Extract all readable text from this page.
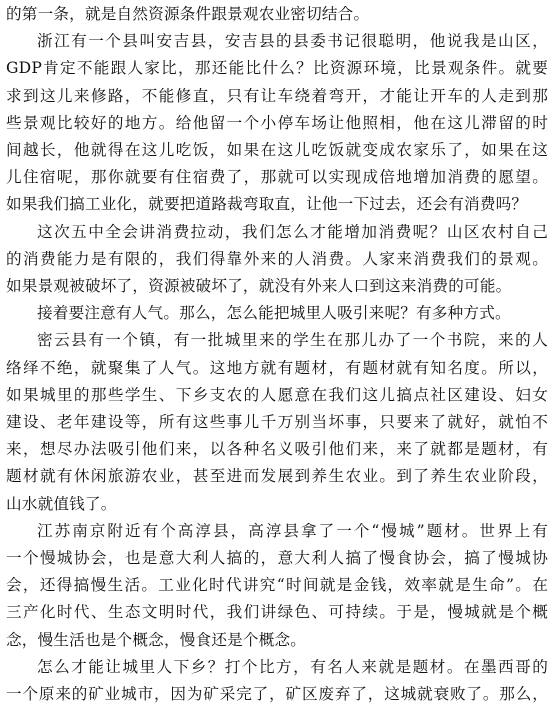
的第一条，就是自然资源条件跟景观农业密切结合。
浙江有一个县叫安吉县，安吉县的县委书记很聪明，他说我是山区，
GDP肯定不能跟人家比，那还能比什么？比资源环境，比景观条件。就要
求到这儿来修路，不能修直，只有让车绕着弯开，才能让开车的人走到那
些景观比较好的地方。给他留一个小停车场让他照相，他在这儿滞留的时
间越长，他就得在这儿吃饭，如果在这儿吃饭就变成农家乐了，如果在这
儿住宿呢，那你就要有住宿费了，那就可以实现成倍地增加消费的愿望。
如果我们搞工业化，就要把道路裁弯取直，让他一下过去，还会有消费吗？
这次五中全会讲消费拉动，我们怎么才能增加消费呢？山区农村自己
的消费能力是有限的，我们得靠外来的人消费。人家来消费我们的景观。
如果景观被破坏了，资源被破坏了，就没有外来人口到这来消费的可能。
接着要注意有人气。那么，怎么能把城里人吸引来呢？有多种方式。
密云县有一个镇，有一批城里来的学生在那儿办了一个书院，来的人
络绎不绝，就聚集了人气。这地方就有题材，有题材就有知名度。所以，
如果城里的那些学生、下乡支农的人愿意在我们这儿搞点社区建设、妇女
建设、老年建设等，所有这些事儿千万别当坏事，只要来了就好，就怕不
来，想尽办法吸引他们来，以各种名义吸引他们来，来了就都是题材，有
题材就有休闲旅游农业，甚至进而发展到养生农业。到了养生农业阶段，
山水就值钱了。
江苏南京附近有个高淳县，高淳县拿了一个“慢城”题材。世界上有
一个慢城协会，也是意大利人搞的，意大利人搞了慢食协会，搞了慢城协
会，还得搞慢生活。工业化时代讲究“时间就是金钱，效率就是生命”。在
三产化时代、生态文明时代，我们讲绿色、可持续。于是，慢城就是个概
念，慢生活也是个概念，慢食还是个概念。
怎么才能让城里人下乡？打个比方，有名人来就是题材。在墨西哥的
一个原来的矿业城市，因为矿采完了，矿区废弃了，这城就衰败了。那么，
